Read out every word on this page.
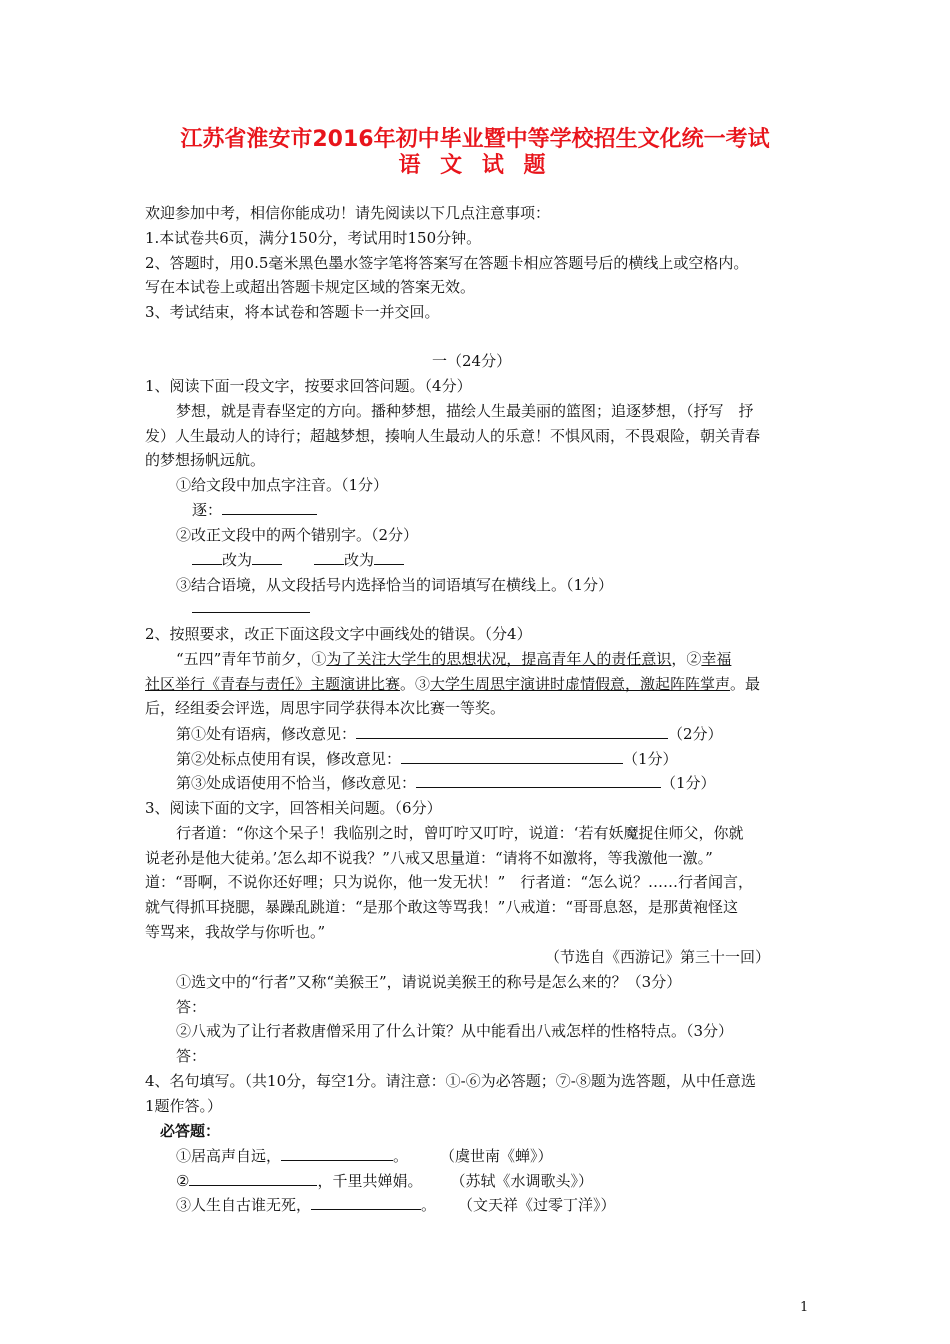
江苏省淮安市2016年初中毕业暨中等学校招生文化统一考试
语 文 试 题
欢迎参加中考，相信你能成功！请先阅读以下几点注意事项：
1.本试卷共6页，满分150分，考试用时150分钟。
2、答题时，用0.5毫米黑色墨水签字笔将答案写在答题卡相应答题号后的横线上或空格内。
写在本试卷上或超出答题卡规定区域的答案无效。
3、考试结束，将本试卷和答题卡一并交回。
一（24分）
1、阅读下面一段文字，按要求回答问题。（4分）
梦想，就是青春坚定的方向。播种梦想，描绘人生最美丽的篮图；追逐梦想，（抒写　抒
发）人生最动人的诗行；超越梦想，揍响人生最动人的乐意！不惧风雨，不畏艰险，朝关青春
的梦想扬帆远航。
①给文段中加点字注音。（1分）
逐：
②改正文段中的两个错别字。（2分）
改为	改为
③结合语境，从文段括号内选择恰当的词语填写在横线上。（1分）
2、按照要求，改正下面这段文字中画线处的错误。（分4）
“五四”青年节前夕，①为了关注大学生的思想状况，提高青年人的责任意识，②幸福
社区举行《青春与责任》主题演讲比赛。③大学生周思宇演讲时虚情假意，激起阵阵掌声。最
后，经组委会评选，周思宇同学获得本次比赛一等奖。
第①处有语病，修改意见：	（2分）
第②处标点使用有误，修改意见：	（1分）
第③处成语使用不恰当，修改意见：	（1分）
3、阅读下面的文字，回答相关问题。（6分）
行者道：“你这个呆子！我临别之时，曾叮咛又叮咛，说道：‘若有妖魔捉住师父，你就
说老孙是他大徒弟。’怎么却不说我？”八戒又思量道：“请将不如激将，等我激他一激。”
道：“哥啊，不说你还好哩；只为说你，他一发无状！”　行者道：“怎么说？……行者闻言，
就气得抓耳挠腮，暴躁乱跳道：“是那个敢这等骂我！”八戒道：“哥哥息怒，是那黄袍怪这
等骂来，我故学与你听也。”
（节选自《西游记》第三十一回）
①选文中的“行者”又称“美猴王”，请说说美猴王的称号是怎么来的？（3分）
答：
②八戒为了让行者救唐僧采用了什么计策？从中能看出八戒怎样的性格特点。（3分）
答：
4、名句填写。（共10分，每空1分。请注意：①-⑥为必答题；⑦-⑧题为选答题，从中任意选
1题作答。）
必答题：
①居高声自远，	。 （虞世南《蝉》）
②	，千里共婵娟。 （苏轼《水调歌头》）
③人生自古谁无死，	。 （文天祥《过零丁洋》）
1
